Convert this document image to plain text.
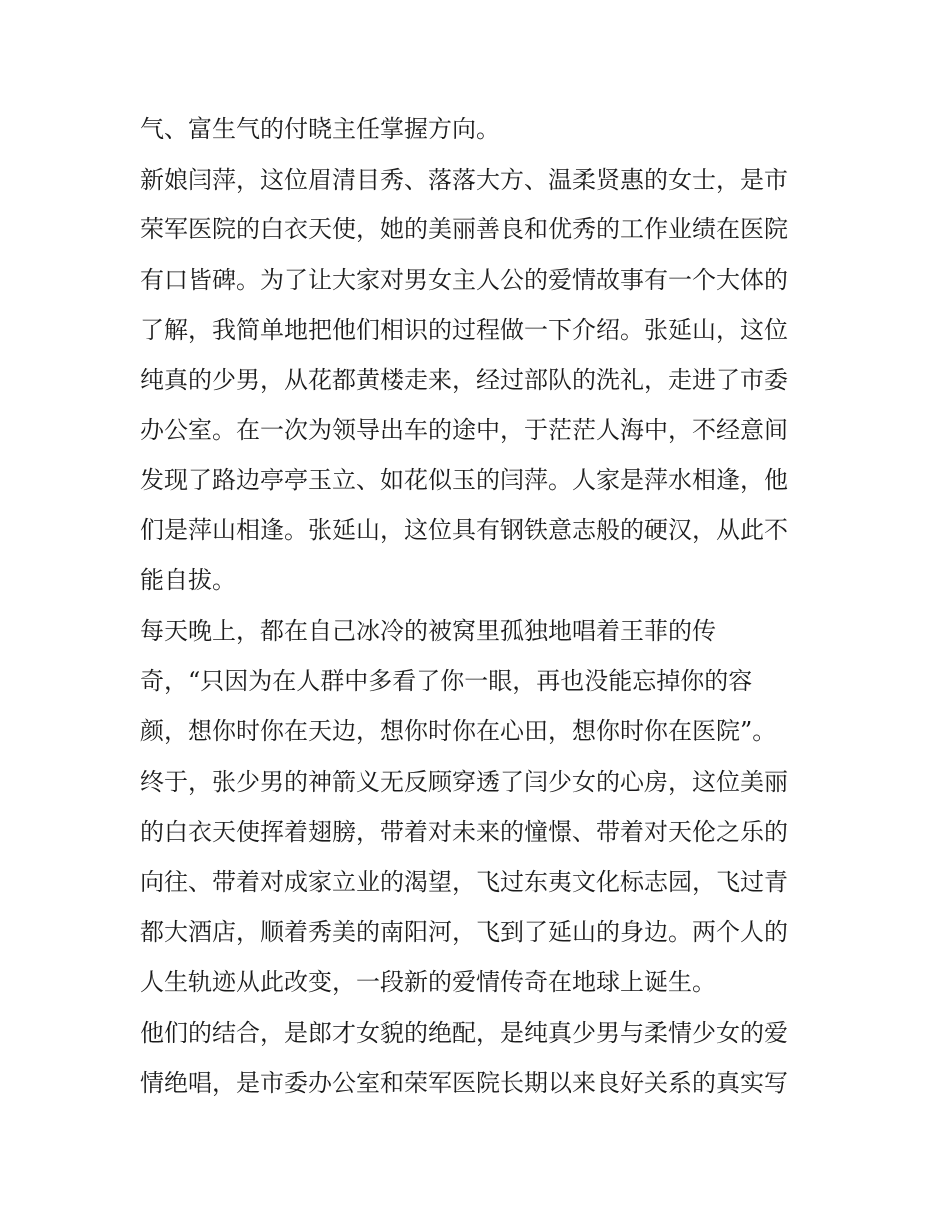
气、富生气的付晓主任掌握方向。
新娘闫萍，这位眉清目秀、落落大方、温柔贤惠的女士，是市
荣军医院的白衣天使，她的美丽善良和优秀的工作业绩在医院
有口皆碑。为了让大家对男女主人公的爱情故事有一个大体的
了解，我简单地把他们相识的过程做一下介绍。张延山，这位
纯真的少男，从花都黄楼走来，经过部队的洗礼，走进了市委
办公室。在一次为领导出车的途中，于茫茫人海中，不经意间
发现了路边亭亭玉立、如花似玉的闫萍。人家是萍水相逢，他
们是萍山相逢。张延山，这位具有钢铁意志般的硬汉，从此不
能自拔。
每天晚上，都在自己冰冷的被窝里孤独地唱着王菲的传
奇，“只因为在人群中多看了你一眼，再也没能忘掉你的容
颜，想你时你在天边，想你时你在心田，想你时你在医院”。
终于，张少男的神箭义无反顾穿透了闫少女的心房，这位美丽
的白衣天使挥着翅膀，带着对未来的憧憬、带着对天伦之乐的
向往、带着对成家立业的渴望，飞过东夷文化标志园，飞过青
都大酒店，顺着秀美的南阳河，飞到了延山的身边。两个人的
人生轨迹从此改变，一段新的爱情传奇在地球上诞生。
他们的结合，是郎才女貌的绝配，是纯真少男与柔情少女的爱
情绝唱，是市委办公室和荣军医院长期以来良好关系的真实写
